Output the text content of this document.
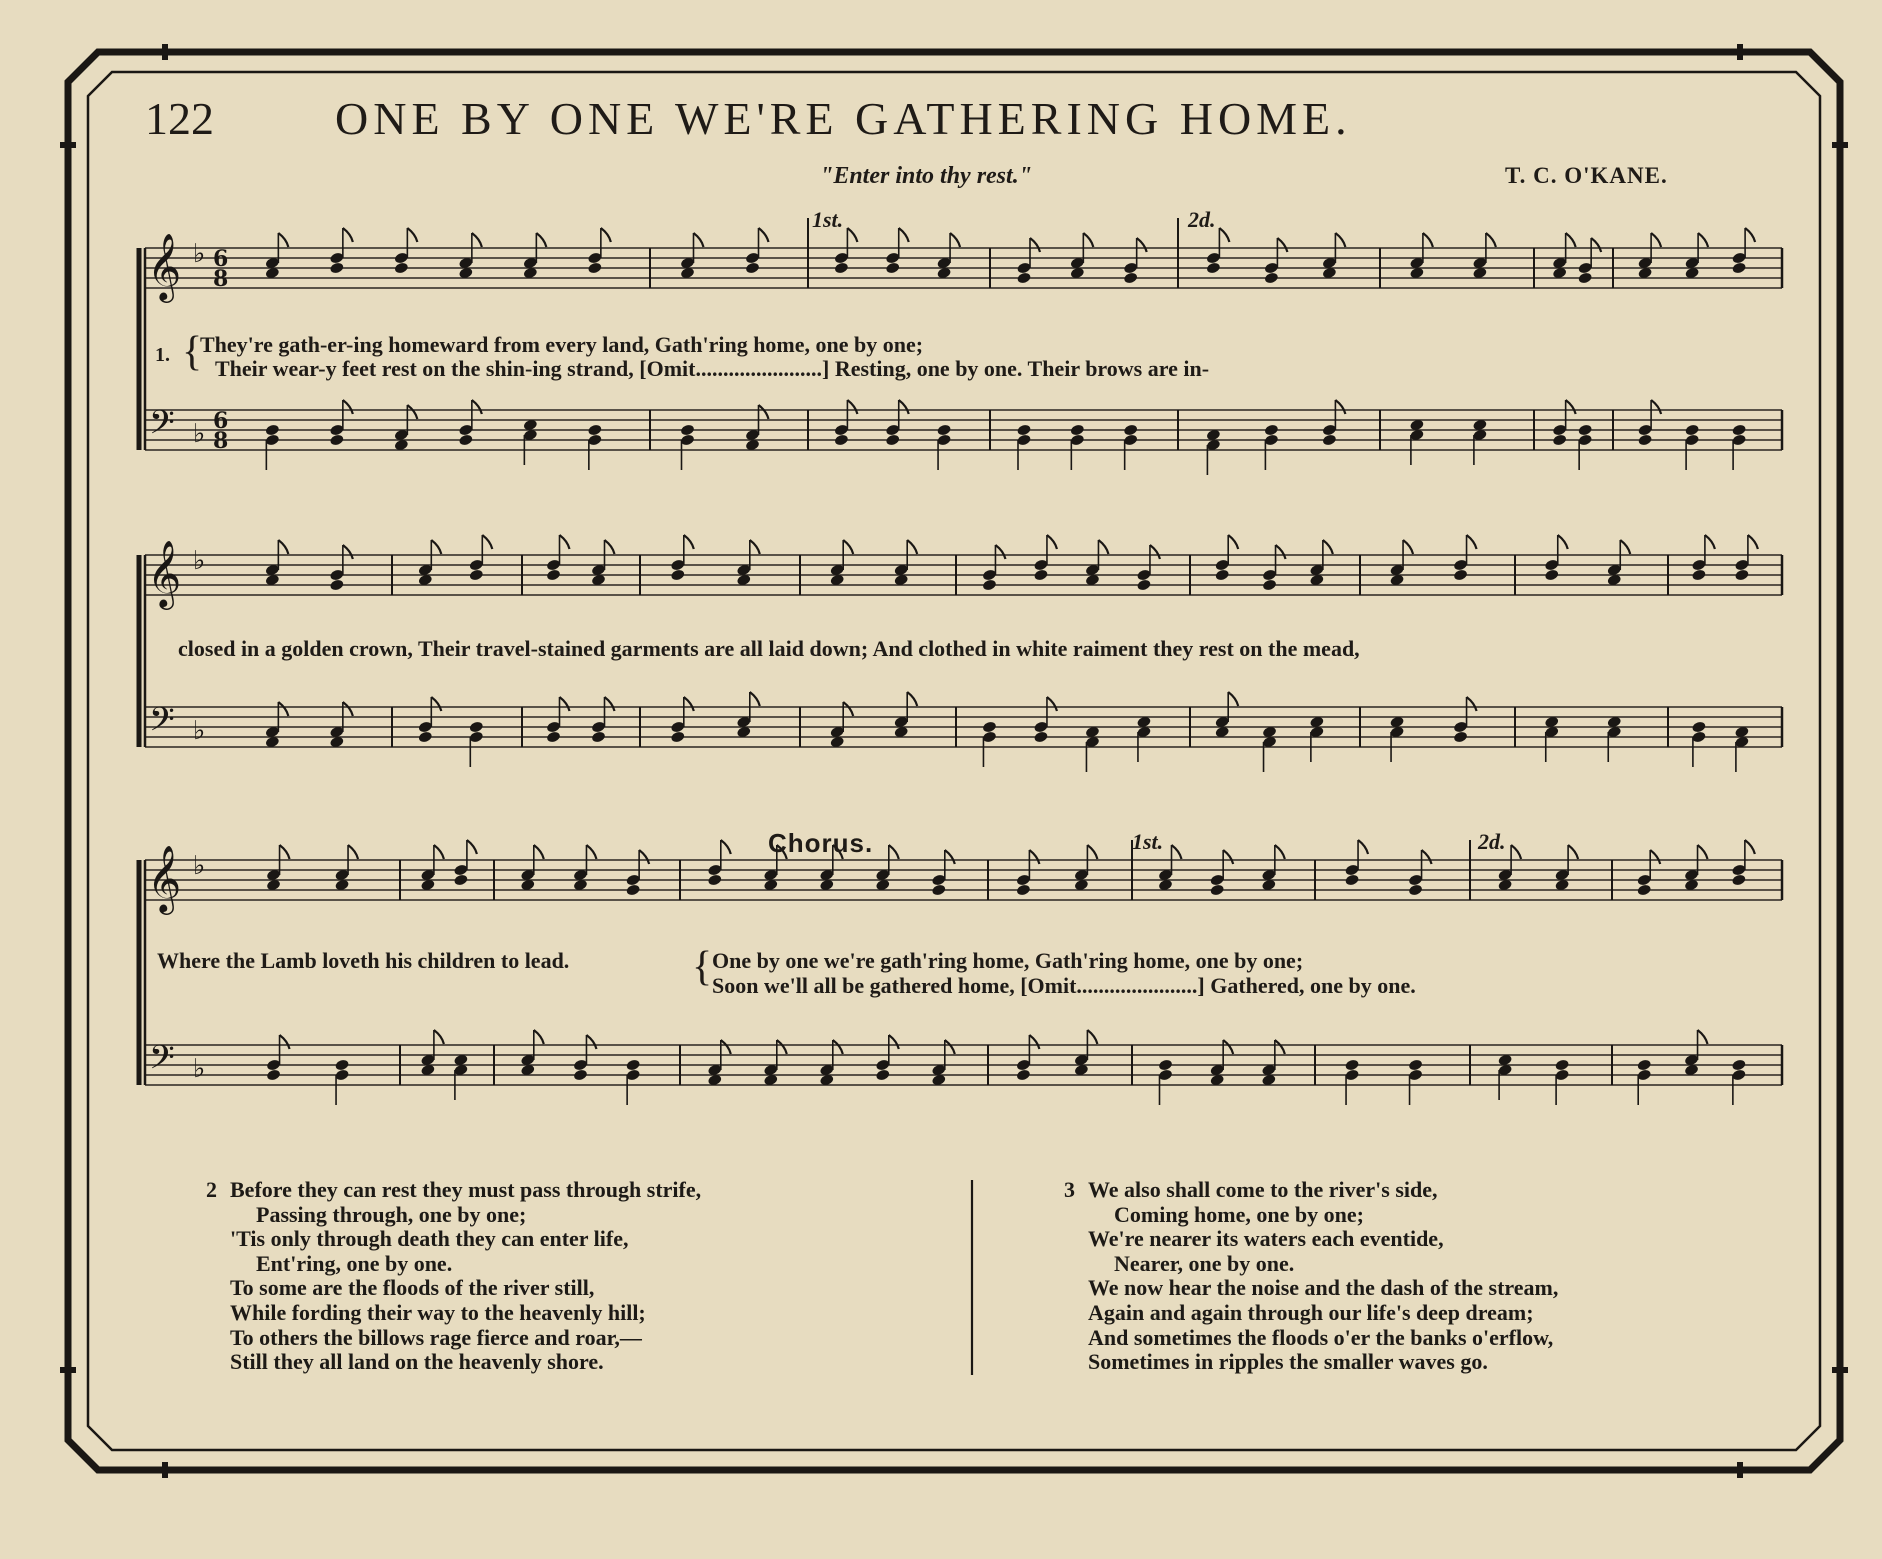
𝄞
𝄢
♭
♭
6
8
6
8
𝄞
𝄢
♭
♭
𝄞
𝄢
♭
♭
122	ONE BY ONE WE'RE GATHERING HOME.
"Enter into thy rest."	T. C. O'KANE.
1st.	2d.
1. {
They're gath-er-ing homeward from every land, Gath'ring home, one by one;
Their wear-y feet rest on the shin-ing strand, [Omit.......................] Resting, one by one. Their brows are in-
closed in a golden crown, Their travel-stained garments are all laid down; And clothed in white raiment they rest on the mead,
Chorus.	1st.	2d.
Where the Lamb loveth his children to lead.	{ One by one we're gath'ring home, Gath'ring home, one by one;
Soon we'll all be gathered home, [Omit......................] Gathered, one by one.
2 Before they can rest they must pass through strife,
Passing through, one by one;
'Tis only through death they can enter life,
Ent'ring, one by one.
To some are the floods of the river still,
While fording their way to the heavenly hill;
To others the billows rage fierce and roar,—
Still they all land on the heavenly shore.
3 We also shall come to the river's side,
Coming home, one by one;
We're nearer its waters each eventide,
Nearer, one by one.
We now hear the noise and the dash of the stream,
Again and again through our life's deep dream;
And sometimes the floods o'er the banks o'erflow,
Sometimes in ripples the smaller waves go.
